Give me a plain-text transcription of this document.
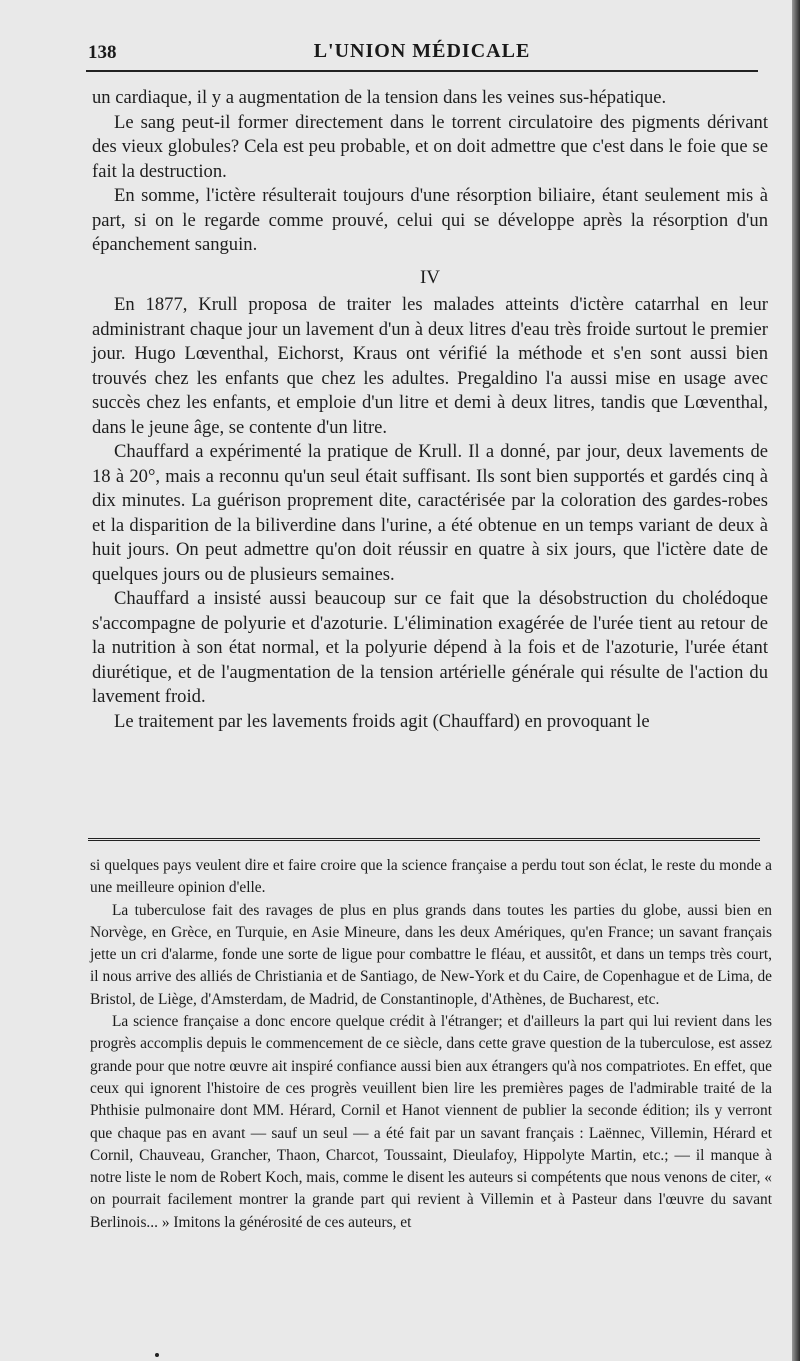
138	L'UNION MÉDICALE

un cardiaque, il y a augmentation de la tension dans les veines sus-hépatique.

Le sang peut-il former directement dans le torrent circulatoire des pigments dérivant des vieux globules? Cela est peu probable, et on doit admettre que c'est dans le foie que se fait la destruction.

En somme, l'ictère résulterait toujours d'une résorption biliaire, étant seulement mis à part, si on le regarde comme prouvé, celui qui se développe après la résorption d'un épanchement sanguin.

IV

En 1877, Krull proposa de traiter les malades atteints d'ictère catarrhal en leur administrant chaque jour un lavement d'un à deux litres d'eau très froide surtout le premier jour. Hugo Lœventhal, Eichorst, Kraus ont vérifié la méthode et s'en sont aussi bien trouvés chez les enfants que chez les adultes. Pregaldino l'a aussi mise en usage avec succès chez les enfants, et emploie d'un litre et demi à deux litres, tandis que Lœventhal, dans le jeune âge, se contente d'un litre.

Chauffard a expérimenté la pratique de Krull. Il a donné, par jour, deux lavements de 18 à 20°, mais a reconnu qu'un seul était suffisant. Ils sont bien supportés et gardés cinq à dix minutes. La guérison proprement dite, caractérisée par la coloration des gardes-robes et la disparition de la biliverdine dans l'urine, a été obtenue en un temps variant de deux à huit jours. On peut admettre qu'on doit réussir en quatre à six jours, que l'ictère date de quelques jours ou de plusieurs semaines.

Chauffard a insisté aussi beaucoup sur ce fait que la désobstruction du cholédoque s'accompagne de polyurie et d'azoturie. L'élimination exagérée de l'urée tient au retour de la nutrition à son état normal, et la polyurie dépend à la fois et de l'azoturie, l'urée étant diurétique, et de l'augmentation de la tension artérielle générale qui résulte de l'action du lavement froid.

Le traitement par les lavements froids agit (Chauffard) en provoquant le

si quelques pays veulent dire et faire croire que la science française a perdu tout son éclat, le reste du monde a une meilleure opinion d'elle.

La tuberculose fait des ravages de plus en plus grands dans toutes les parties du globe, aussi bien en Norvège, en Grèce, en Turquie, en Asie Mineure, dans les deux Amériques, qu'en France; un savant français jette un cri d'alarme, fonde une sorte de ligue pour combattre le fléau, et aussitôt, et dans un temps très court, il nous arrive des alliés de Christiania et de Santiago, de New-York et du Caire, de Copenhague et de Lima, de Bristol, de Liège, d'Amsterdam, de Madrid, de Constantinople, d'Athènes, de Bucharest, etc.

La science française a donc encore quelque crédit à l'étranger; et d'ailleurs la part qui lui revient dans les progrès accomplis depuis le commencement de ce siècle, dans cette grave question de la tuberculose, est assez grande pour que notre œuvre ait inspiré confiance aussi bien aux étrangers qu'à nos compatriotes. En effet, que ceux qui ignorent l'histoire de ces progrès veuillent bien lire les premières pages de l'admirable traité de la Phthisie pulmonaire dont MM. Hérard, Cornil et Hanot viennent de publier la seconde édition; ils y verront que chaque pas en avant — sauf un seul — a été fait par un savant français : Laënnec, Villemin, Hérard et Cornil, Chauveau, Grancher, Thaon, Charcot, Toussaint, Dieulafoy, Hippolyte Martin, etc.; — il manque à notre liste le nom de Robert Koch, mais, comme le disent les auteurs si compétents que nous venons de citer, « on pourrait facilement montrer la grande part qui revient à Villemin et à Pasteur dans l'œuvre du savant Berlinois... » Imitons la générosité de ces auteurs, et
